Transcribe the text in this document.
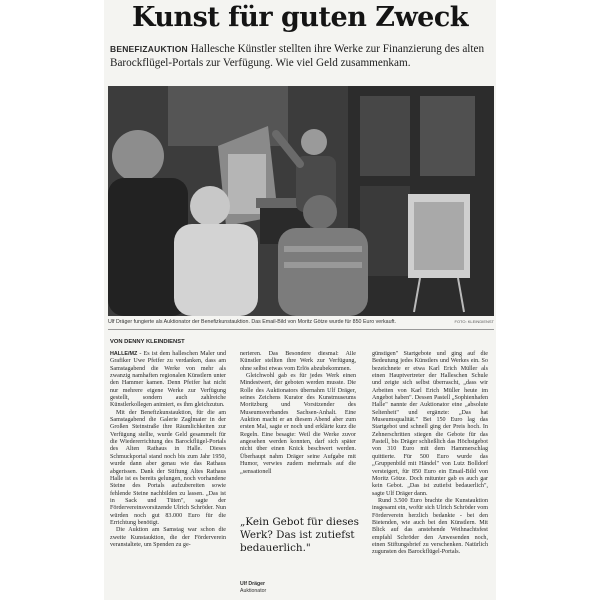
Kunst für guten Zweck
BENEFIZAUKTION Hallesche Künstler stellten ihre Werke zur Finanzierung des alten Barockflügel-Portals zur Verfügung. Wie viel Geld zusammenkam.
Ulf Dräger fungierte als Auktionator der Benefizkunstauktion. Das Email-Bild von Moritz Götze wurde für 850 Euro verkauft.	FOTO: KLEINDIENST
VON DENNY KLEINDIENST

HALLE/MZ - Es ist dem halleschen Maler und Grafiker Uwe Pfeifer zu verdanken, dass am Samstagabend die Werke von mehr als zwanzig namhaften regionalen Künstlern unter den Hammer kamen. Denn Pfeifer hat nicht nur mehrere eigene Werke zur Verfügung gestellt, sondern auch zahlreiche Künstlerkollegen animiert, es ihm gleichzutun.

Mit der Benefizkunstauktion, für die am Samstagabend die Galerie Zaglmaier in der Großen Steinstraße ihre Räumlichkeiten zur Verfügung stellte, wurde Geld gesammelt für die Wiedererrichtung des Barockflügel-Portals des Alten Rathaus in Halle. Dieses Schmuckportal stand noch bis zum Jahr 1950, wurde dann aber genau wie das Rathaus abgerissen. Dank der Stiftung Altes Rathaus Halle ist es bereits gelungen, noch vorhandene Steine des Portals aufzubereiten sowie fehlende Steine nachbilden zu lassen. „Das ist in Sack und Tüten", sagte der Fördervereinsvorsitzende Ulrich Schröder. Nun würden noch gut 83.000 Euro für die Errichtung benötigt.

Die Auktion am Samstag war schon die zweite Kunstauktion, die der Förderverein veranstaltete, um Spenden zu ge-

nerieren. Das Besondere diesmal: Alle Künstler stellten ihre Werk zur Verfügung, ohne selbst etwas vom Erlös abzubekommen.

Gleichwohl gab es für jedes Werk einen Mindestwert, der geboten werden musste. Die Rolle des Auktionators übernahm Ulf Dräger, seines Zeichens Kurator des Kunstmuseums Moritzburg und Vorsitzender des Museumsverbandes Sachsen-Anhalt. Eine Auktion macht er an diesem Abend aber zum ersten Mal, sagte er noch und erklärte kurz die Regeln. Eine besagte: Weil die Werke zuvor angesehen werden konnten, darf sich später nicht über einen Knick beschwert werden. Überhaupt nahm Dräger seine Aufgabe mit Humor, verwies zudem mehrmals auf die „sensationell

„Kein Gebot für dieses Werk? Das ist zutiefst bedauerlich."
Ulf Dräger
Auktionator

günstigen" Startgebote und ging auf die Bedeutung jedes Künstlers und Werkes ein. So bezeichnete er etwa Karl Erich Müller als einen Hauptvertreter der Halleschen Schule und zeigte sich selbst überrascht, „dass wir Arbeiten von Karl Erich Müller heute im Angebot haben". Dessen Pastell „Sophienhafen Halle" nannte der Auktionator eine „absolute Seltenheit" und ergänzte: „Das hat Museumsqualität." Bei 150 Euro lag das Startgebot und schnell ging der Preis hoch. In Zehnerschritten stiegen die Gebote für das Pastell, bis Dräger schließlich das Höchstgebot von 310 Euro mit dem Hammerschlag quittierte. Für 500 Euro wurde das „Gruppenbild mit Händel" von Lutz Bolldorf versteigert, für 850 Euro ein Email-Bild von Moritz Götze. Doch mitunter gab es auch gar kein Gebot. „Das ist zutiefst bedauerlich", sagte Ulf Dräger dann.

Rund 3.500 Euro brachte die Kunstauktion insgesamt ein, wofür sich Ulrich Schröder vom Förderverein herzlich bedankte - bei den Bietenden, wie auch bei den Künstlern. Mit Blick auf das anstehende Weihnachtsfest empfahl Schröder den Anwesenden noch, einen Stiftungsbrief zu verschenken. Natürlich zugunsten des Barockflügel-Portals.
